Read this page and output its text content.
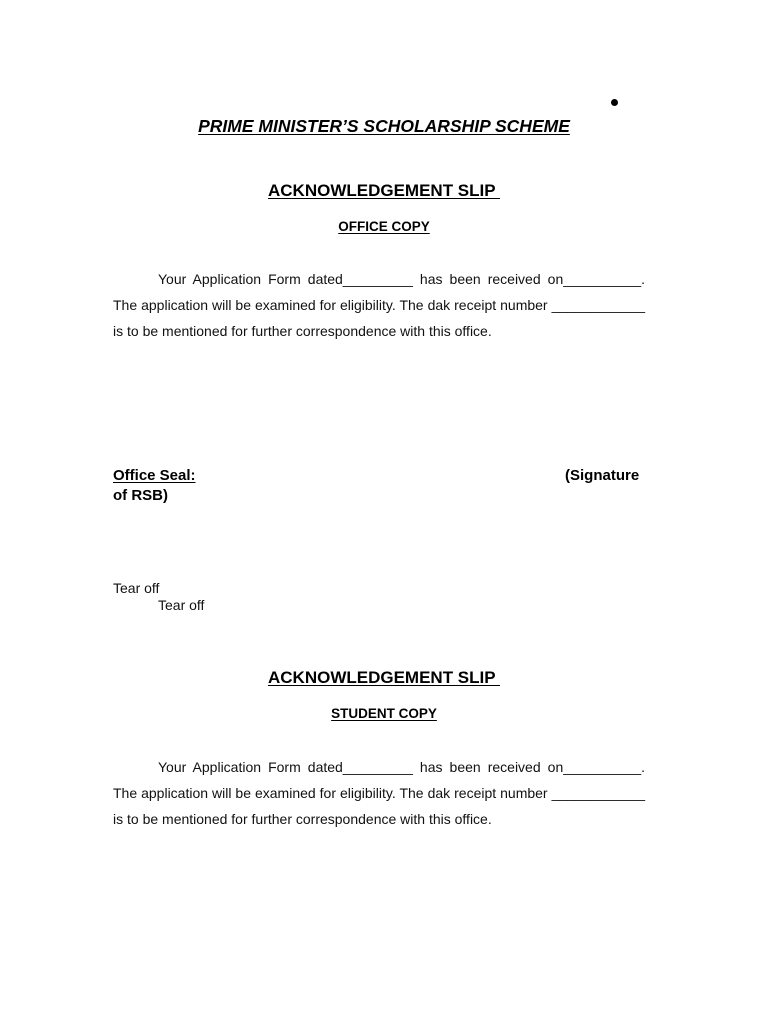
PRIME MINISTER’S SCHOLARSHIP SCHEME
ACKNOWLEDGEMENT SLIP
OFFICE COPY
Your Application Form dated_________ has been received on__________. The application will be examined for eligibility. The dak receipt number ____________ is to be mentioned for further correspondence with this office.
Office Seal:	(Signature
of RSB)
Tear off
Tear off
ACKNOWLEDGEMENT SLIP
STUDENT COPY
Your Application Form dated_________ has been received on__________. The application will be examined for eligibility. The dak receipt number ____________ is to be mentioned for further correspondence with this office.
